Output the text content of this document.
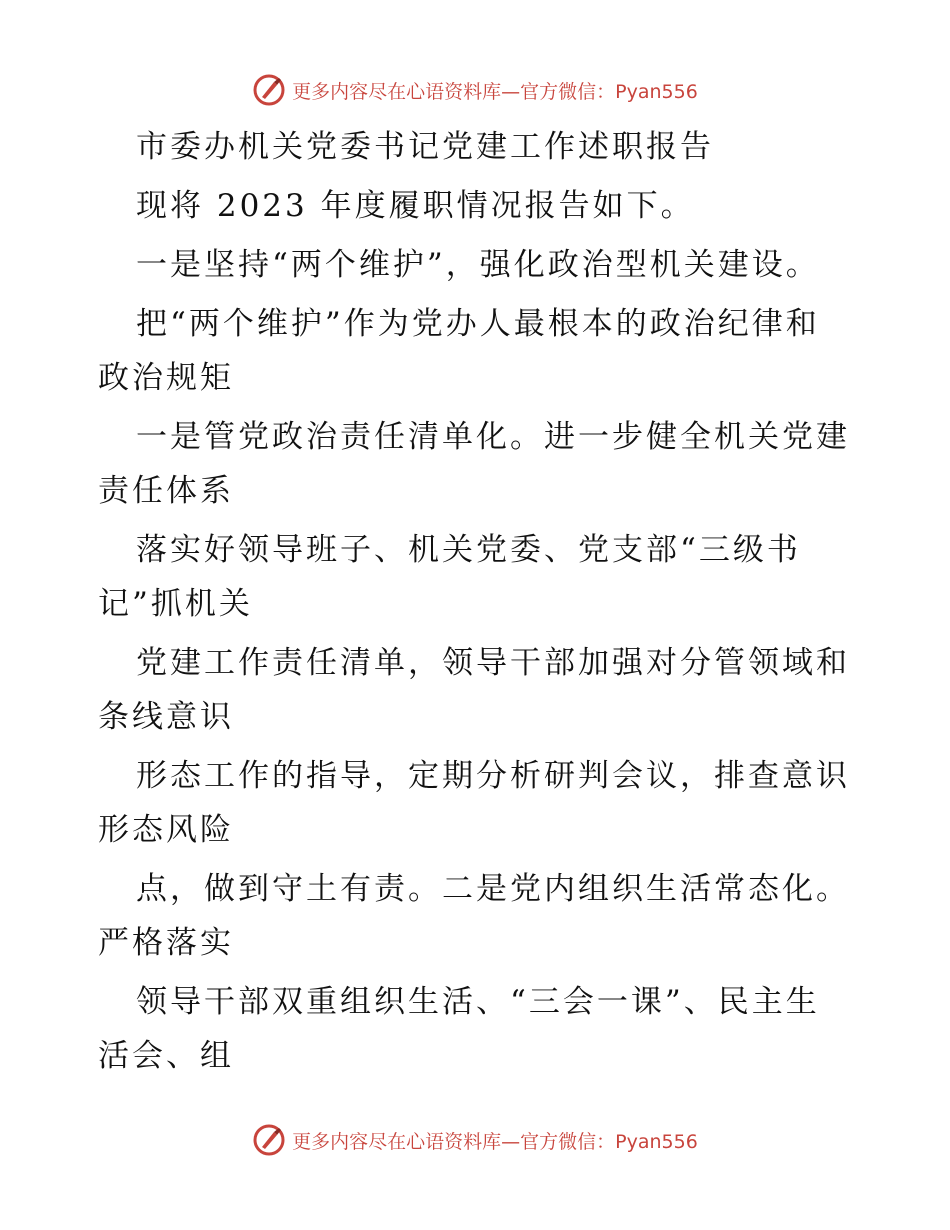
更多内容尽在心语资料库—官方微信：Pyan556
市委办机关党委书记党建工作述职报告
现将 2023 年度履职情况报告如下。
一是坚持“两个维护”，强化政治型机关建设。
把“两个维护”作为党办人最根本的政治纪律和
政治规矩
一是管党政治责任清单化。进一步健全机关党建
责任体系
落实好领导班子、机关党委、党支部“三级书
记”抓机关
党建工作责任清单，领导干部加强对分管领域和
条线意识
形态工作的指导，定期分析研判会议，排查意识
形态风险
点，做到守土有责。二是党内组织生活常态化。
严格落实
领导干部双重组织生活、“三会一课”、民主生
活会、组
更多内容尽在心语资料库—官方微信：Pyan556
